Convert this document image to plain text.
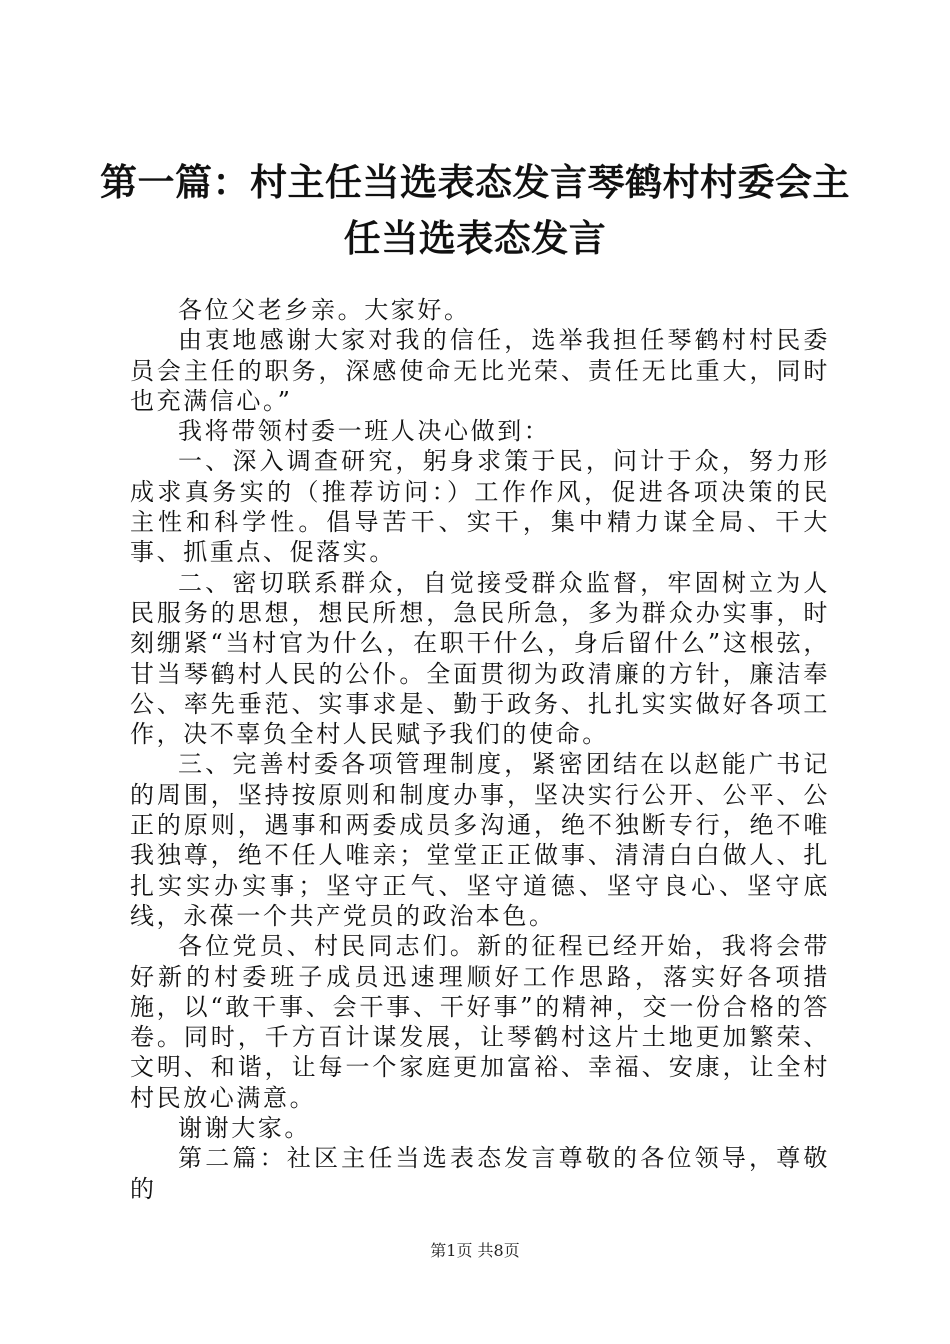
第一篇：村主任当选表态发言琴鹤村村委会主
任当选表态发言

各位父老乡亲。大家好。

由衷地感谢大家对我的信任，选举我担任琴鹤村村民委员会主任的职务，深感使命无比光荣、责任无比重大，同时也充满信心。”

我将带领村委一班人决心做到：

一、深入调查研究，躬身求策于民，问计于众，努力形成求真务实的（推荐访问：）工作作风，促进各项决策的民主性和科学性。倡导苦干、实干，集中精力谋全局、干大事、抓重点、促落实。

二、密切联系群众，自觉接受群众监督，牢固树立为人民服务的思想，想民所想，急民所急，多为群众办实事，时刻绷紧“当村官为什么，在职干什么，身后留什么”这根弦，甘当琴鹤村人民的公仆。全面贯彻为政清廉的方针，廉洁奉公、率先垂范、实事求是、勤于政务、扎扎实实做好各项工作，决不辜负全村人民赋予我们的使命。

三、完善村委各项管理制度，紧密团结在以赵能广书记的周围，坚持按原则和制度办事，坚决实行公开、公平、公正的原则，遇事和两委成员多沟通，绝不独断专行，绝不唯我独尊，绝不任人唯亲；堂堂正正做事、清清白白做人、扎扎实实办实事；坚守正气、坚守道德、坚守良心、坚守底线，永葆一个共产党员的政治本色。

各位党员、村民同志们。新的征程已经开始，我将会带好新的村委班子成员迅速理顺好工作思路，落实好各项措施，以“敢干事、会干事、干好事”的精神，交一份合格的答卷。同时，千方百计谋发展，让琴鹤村这片土地更加繁荣、文明、和谐，让每一个家庭更加富裕、幸福、安康，让全村村民放心满意。

谢谢大家。

第二篇：社区主任当选表态发言尊敬的各位领导，尊敬的

第1页 共8页
